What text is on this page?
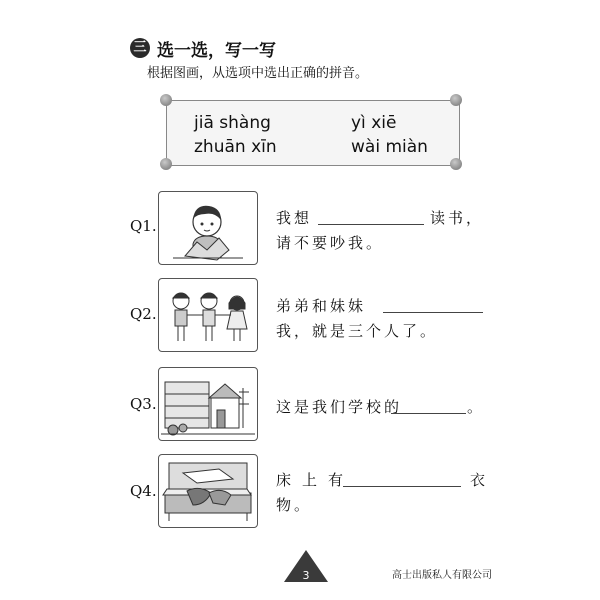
三 选一选，写一写
根据图画，从选项中选出正确的拼音。
jiā shàng	yì xiē
zhuān xīn	wài miàn
Q1.	我想	读书，
请不要吵我。
Q2.	弟弟和妹妹
我，就是三个人了。
Q3.	这是我们学校的	。
Q4.
床上有	衣
物。
3	高士出版私人有限公司
